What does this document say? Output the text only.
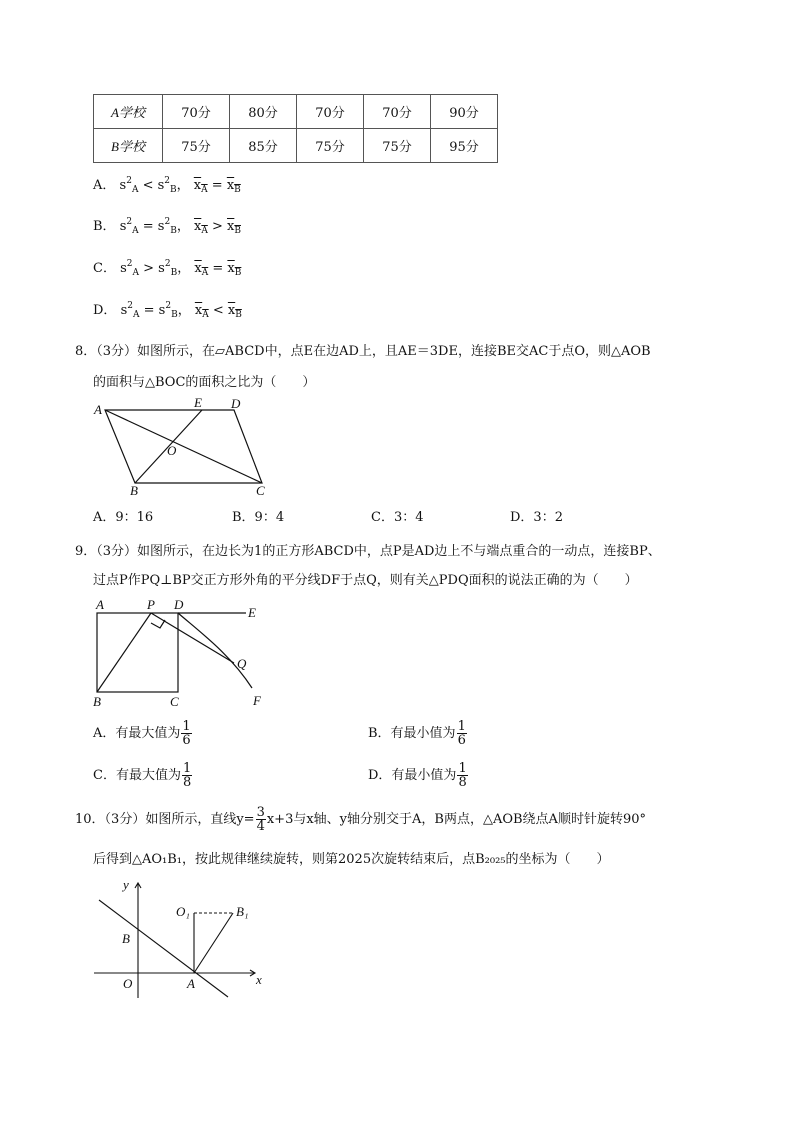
A学校	70分	80分	70分	70分	90分
B学校	75分	85分	75分	75分	95分
A． $s^2_A < s^2_B$， $x_A = x_B$
B． $s^2_A = s^2_B$， $x_A > x_B$
C． $s^2_A > s^2_B$， $x_A = x_B$
D． $s^2_A = s^2_B$， $x_A < x_B$
8．（3分）如图所示，在▱ABCD中，点E在边AD上，且AE＝3DE，连接BE交AC于点O，则△AOB
的面积与△BOC的面积之比为（　　）
A	E D
O
B	C
A．9：16	B．9：4	C．3：4	D．3：2
9．（3分）如图所示，在边长为1的正方形ABCD中，点P是AD边上不与端点重合的一动点，连接BP、
过点P作PQ⊥BP交正方形外角的平分线DF于点Q，则有关△PDQ面积的说法正确的为（　　）
A	P D
E
Q
B	C	F
A．有最大值为 $\frac{1}{6}$	B．有最小值为 $\frac{1}{6}$
C．有最大值为 $\frac{1}{8}$	D．有最小值为 $\frac{1}{8}$
10．（3分）如图所示，直线$y= \frac{3}{4} x+3$与x轴、y轴分别交于A，B两点，△AOB绕点A顺时针旋转90°
后得到△AO₁B₁，按此规律继续旋转，则第2025次旋转结束后，点B₂₀₂₅的坐标为（　　）
y
x
O	A
B
O₁	B₁
